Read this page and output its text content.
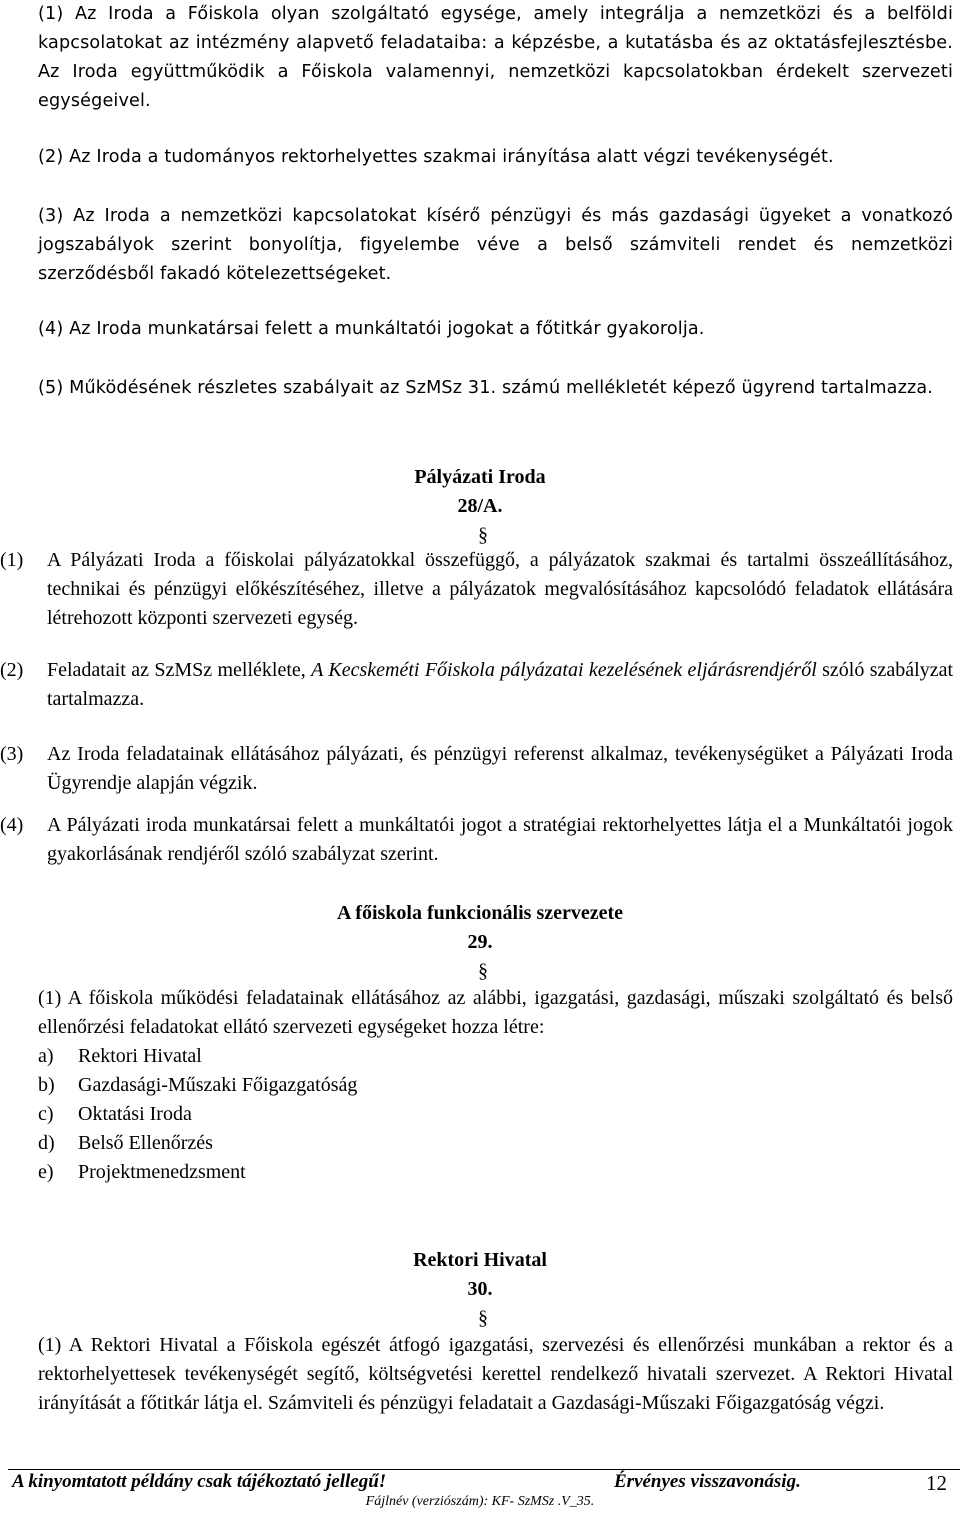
(1) Az Iroda a Főiskola olyan szolgáltató egysége, amely integrálja a nemzetközi és a belföldi kapcsolatokat az intézmény alapvető feladataiba: a képzésbe, a kutatásba és az oktatásfejlesztésbe. Az Iroda együttműködik a Főiskola valamennyi, nemzetközi kapcsolatokban érdekelt szervezeti egységeivel.

(2) Az Iroda a tudományos rektorhelyettes szakmai irányítása alatt végzi tevékenységét.

(3) Az Iroda a nemzetközi kapcsolatokat kísérő pénzügyi és más gazdasági ügyeket a vonatkozó jogszabályok szerint bonyolítja, figyelembe véve a belső számviteli rendet és nemzetközi szerződésből fakadó kötelezettségeket.

(4) Az Iroda munkatársai felett a munkáltatói jogokat a főtitkár gyakorolja.

(5) Működésének részletes szabályait az SzMSz 31. számú mellékletét képező ügyrend tartalmazza.

Pályázati Iroda
28/A.
§

(1) A Pályázati Iroda a főiskolai pályázatokkal összefüggő, a pályázatok szakmai és tartalmi összeállításához, technikai és pénzügyi előkészítéséhez, illetve a pályázatok megvalósításához kapcsolódó feladatok ellátására létrehozott központi szervezeti egység.

(2) Feladatait az SzMSz melléklete, A Kecskeméti Főiskola pályázatai kezelésének eljárásrendjéről szóló szabályzat tartalmazza.

(3) Az Iroda feladatainak ellátásához pályázati, és pénzügyi referenst alkalmaz, tevékenységüket a Pályázati Iroda Ügyrendje alapján végzik.

(4) A Pályázati iroda munkatársai felett a munkáltatói jogot a stratégiai rektorhelyettes látja el a Munkáltatói jogok gyakorlásának rendjéről szóló szabályzat szerint.

A főiskola funkcionális szervezete
29.
§

(1) A főiskola működési feladatainak ellátásához az alábbi, igazgatási, gazdasági, műszaki szolgáltató és belső ellenőrzési feladatokat ellátó szervezeti egységeket hozza létre:

a) Rektori Hivatal

b) Gazdasági-Műszaki Főigazgatóság

c) Oktatási Iroda

d) Belső Ellenőrzés

e) Projektmenedzsment

Rektori Hivatal
30.
§

(1) A Rektori Hivatal a Főiskola egészét átfogó igazgatási, szervezési és ellenőrzési munkában a rektor és a rektorhelyettesek tevékenységét segítő, költségvetési kerettel rendelkező hivatali szervezet. A Rektori Hivatal irányítását a főtitkár látja el. Számviteli és pénzügyi feladatait a Gazdasági-Műszaki Főigazgatóság végzi.

A kinyomtatott példány csak tájékoztató jellegű!	Érvényes visszavonásig.	12
Fájlnév (verziószám): KF- SzMSz .V_35.
